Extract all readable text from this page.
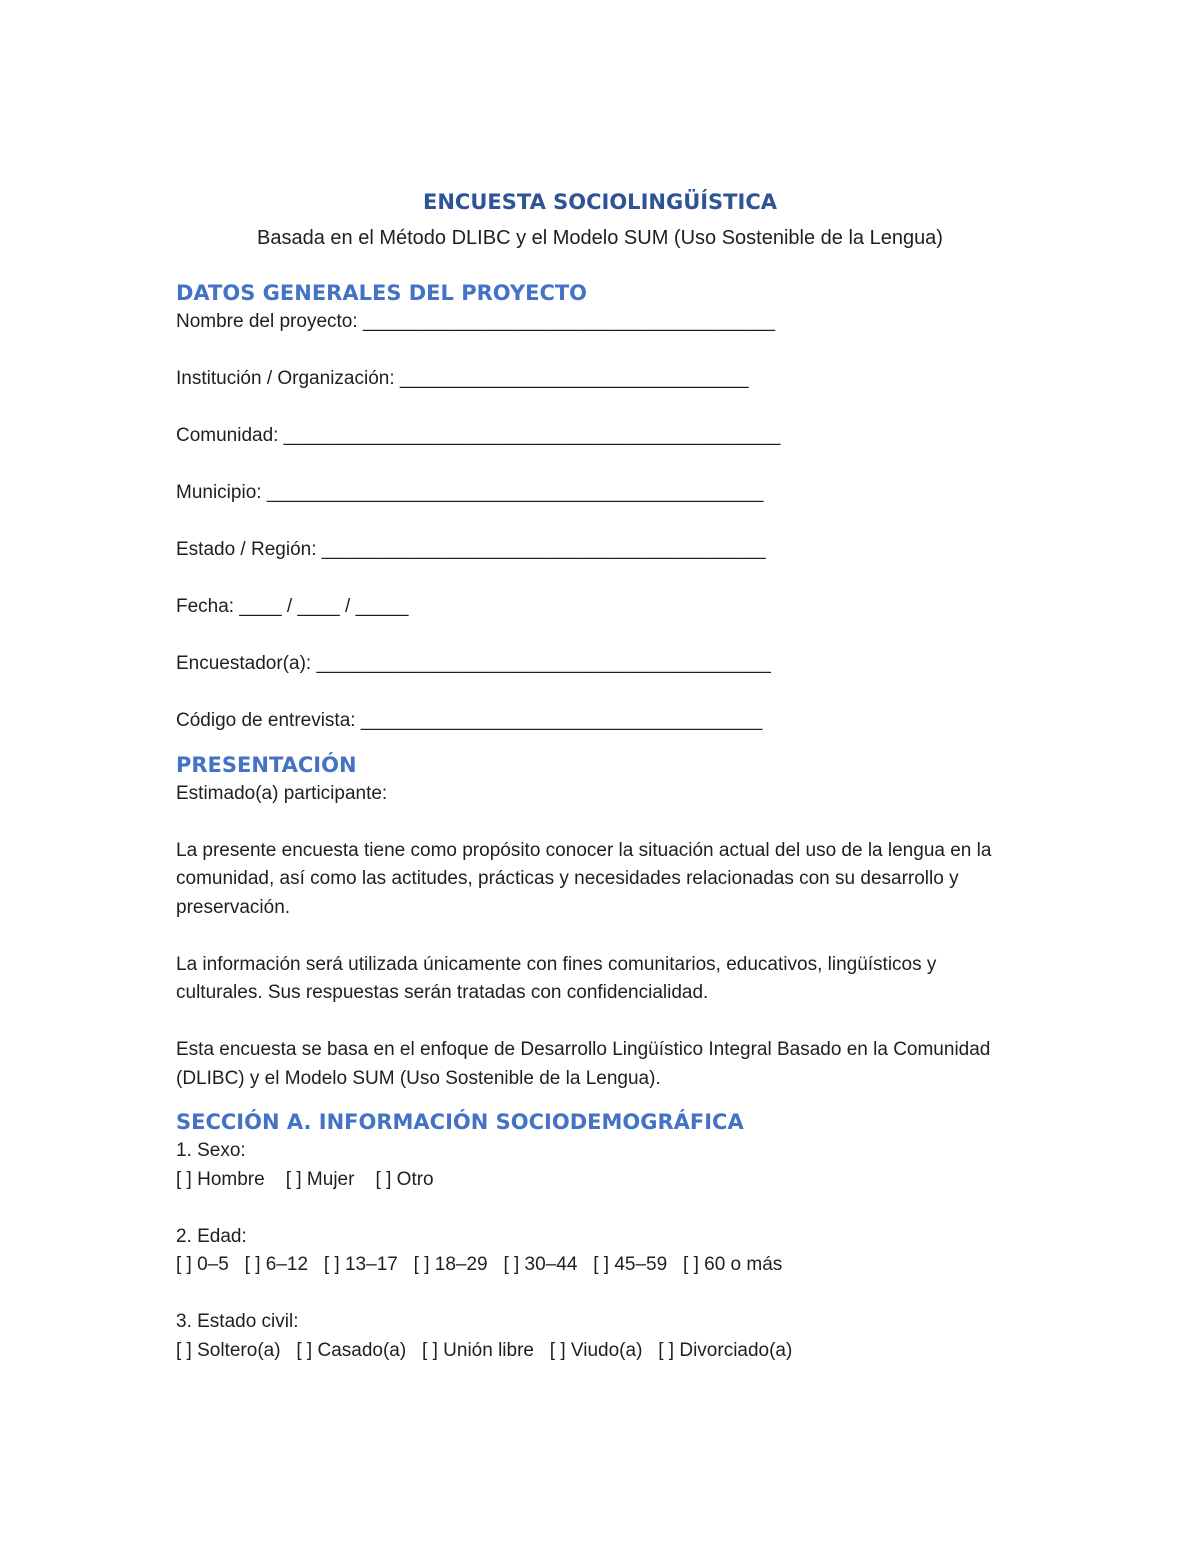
ENCUESTA SOCIOLINGÜÍSTICA
Basada en el Método DLIBC y el Modelo SUM (Uso Sostenible de la Lengua)
DATOS GENERALES DEL PROYECTO
Nombre del proyecto: _______________________________________
Institución / Organización: _________________________________
Comunidad: _______________________________________________
Municipio: _______________________________________________
Estado / Región: __________________________________________
Fecha: ____ / ____ / _____
Encuestador(a): ___________________________________________
Código de entrevista: ______________________________________
PRESENTACIÓN
Estimado(a) participante:
La presente encuesta tiene como propósito conocer la situación actual del uso de la lengua en la comunidad, así como las actitudes, prácticas y necesidades relacionadas con su desarrollo y preservación.
La información será utilizada únicamente con fines comunitarios, educativos, lingüísticos y culturales. Sus respuestas serán tratadas con confidencialidad.
Esta encuesta se basa en el enfoque de Desarrollo Lingüístico Integral Basado en la Comunidad (DLIBC) y el Modelo SUM (Uso Sostenible de la Lengua).
SECCIÓN A. INFORMACIÓN SOCIODEMOGRÁFICA
1. Sexo:
[ ] Hombre    [ ] Mujer    [ ] Otro
2. Edad:
[ ] 0–5   [ ] 6–12   [ ] 13–17   [ ] 18–29   [ ] 30–44   [ ] 45–59   [ ] 60 o más
3. Estado civil:
[ ] Soltero(a)   [ ] Casado(a)   [ ] Unión libre   [ ] Viudo(a)   [ ] Divorciado(a)
